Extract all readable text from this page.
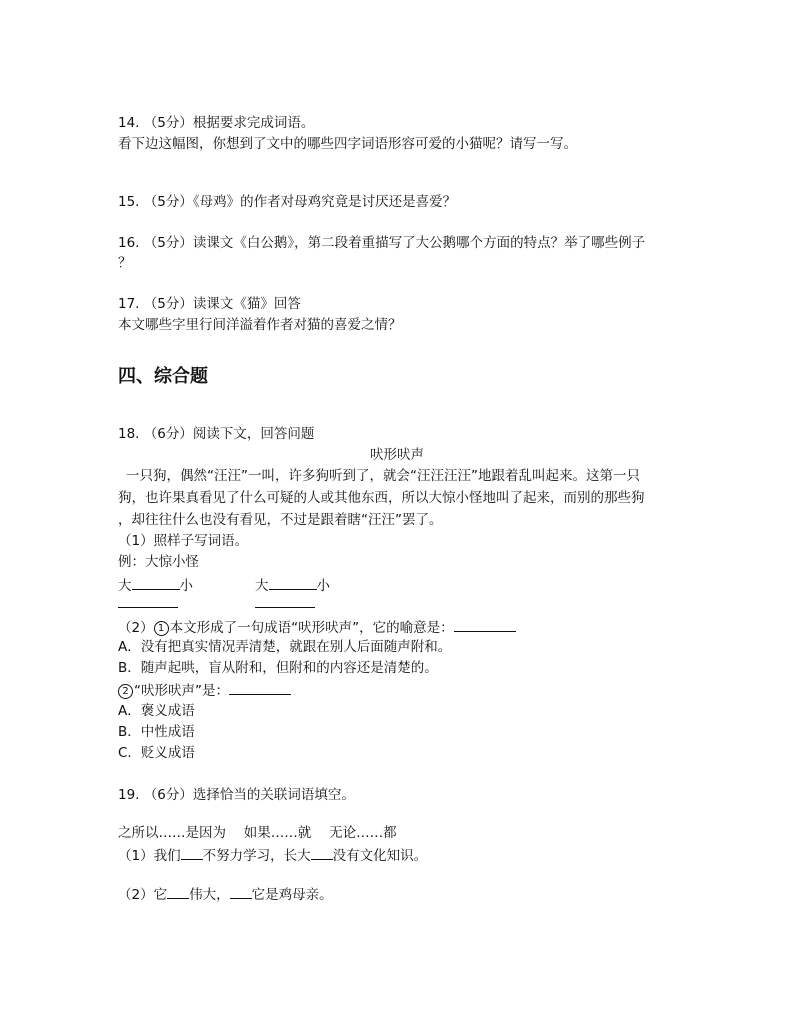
14. （5分）根据要求完成词语。
看下边这幅图，你想到了文中的哪些四字词语形容可爱的小猫呢？请写一写。
15. （5分）《母鸡》的作者对母鸡究竟是讨厌还是喜爱？
16. （5分）读课文《白公鹅》，第二段着重描写了大公鹅哪个方面的特点？举了哪些例子
？
17. （5分）读课文《猫》回答
本文哪些字里行间洋溢着作者对猫的喜爱之情？
四、综合题
18. （6分）阅读下文，回答问题
吠形吠声
一只狗，偶然“汪汪”一叫，许多狗听到了，就会“汪汪汪汪”地跟着乱叫起来。这第一只
狗，也许果真看见了什么可疑的人或其他东西，所以大惊小怪地叫了起来，而别的那些狗
，却往往什么也没有看见，不过是跟着瞎“汪汪”罢了。
（1）照样子写词语。
例：大惊小怪
大	小	大	小
（2） 1 本文形成了一句成语“吠形吠声”，它的喻意是：
A．没有把真实情况弄清楚，就跟在别人后面随声附和。
B．随声起哄，盲从附和，但附和的内容还是清楚的。
2 “吠形吠声”是：
A．褒义成语
B．中性成语
C．贬义成语
19. （6分）选择恰当的关联词语填空。
之所以……是因为　 如果……就　 无论……都
（1）我们 不努力学习，长大 没有文化知识。
（2）它 伟大， 它是鸡母亲。
